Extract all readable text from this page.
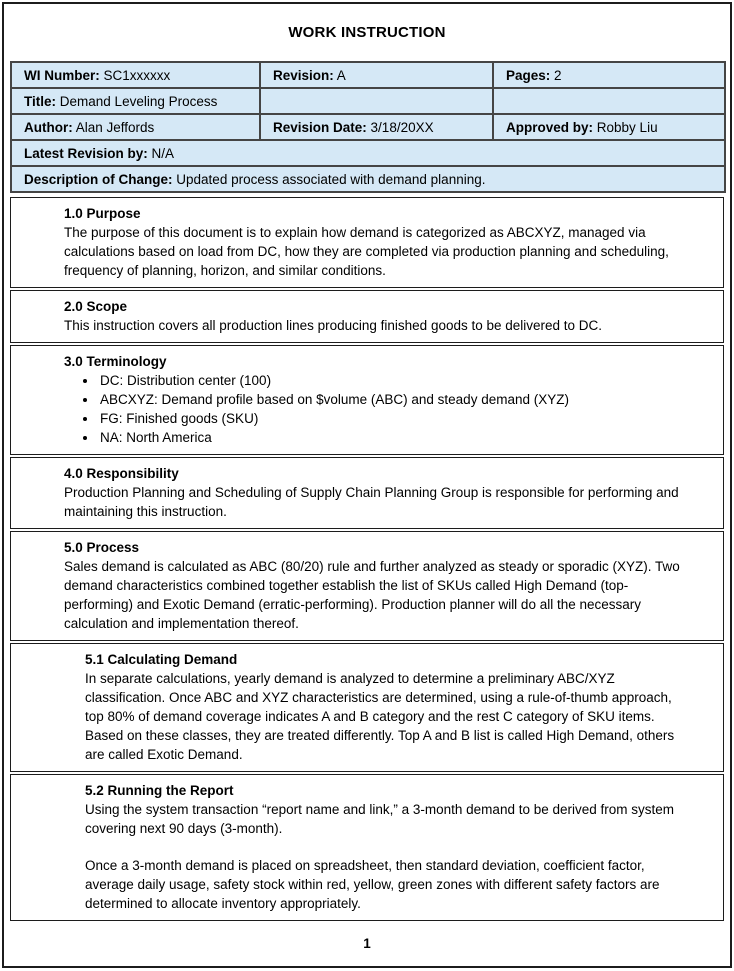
WORK INSTRUCTION
WI Number: SC1xxxxxx	Revision: A	Pages: 2
Title: Demand Leveling Process		
Author: Alan Jeffords	Revision Date: 3/18/20XX	Approved by: Robby Liu
Latest Revision by: N/A		
Description of Change: Updated process associated with demand planning.		
1.0 Purpose

The purpose of this document is to explain how demand is categorized as ABCXYZ, managed via calculations based on load from DC, how they are completed via production planning and scheduling, frequency of planning, horizon, and similar conditions.

2.0 Scope

This instruction covers all production lines producing finished goods to be delivered to DC.

3.0 Terminology
• DC: Distribution center (100)
• ABCXYZ: Demand profile based on $volume (ABC) and steady demand (XYZ)
• FG: Finished goods (SKU)
• NA: North America
4.0 Responsibility

Production Planning and Scheduling of Supply Chain Planning Group is responsible for performing and maintaining this instruction.

5.0 Process

Sales demand is calculated as ABC (80/20) rule and further analyzed as steady or sporadic (XYZ). Two demand characteristics combined together establish the list of SKUs called High Demand (top-performing) and Exotic Demand (erratic-performing). Production planner will do all the necessary calculation and implementation thereof.

5.1 Calculating Demand

In separate calculations, yearly demand is analyzed to determine a preliminary ABC/XYZ classification. Once ABC and XYZ characteristics are determined, using a rule-of-thumb approach, top 80% of demand coverage indicates A and B category and the rest C category of SKU items. Based on these classes, they are treated differently. Top A and B list is called High Demand, others are called Exotic Demand.

5.2 Running the Report

Using the system transaction “report name and link,” a 3-month demand to be derived from system covering next 90 days (3-month).

Once a 3-month demand is placed on spreadsheet, then standard deviation, coefficient factor, average daily usage, safety stock within red, yellow, green zones with different safety factors are determined to allocate inventory appropriately.

1
